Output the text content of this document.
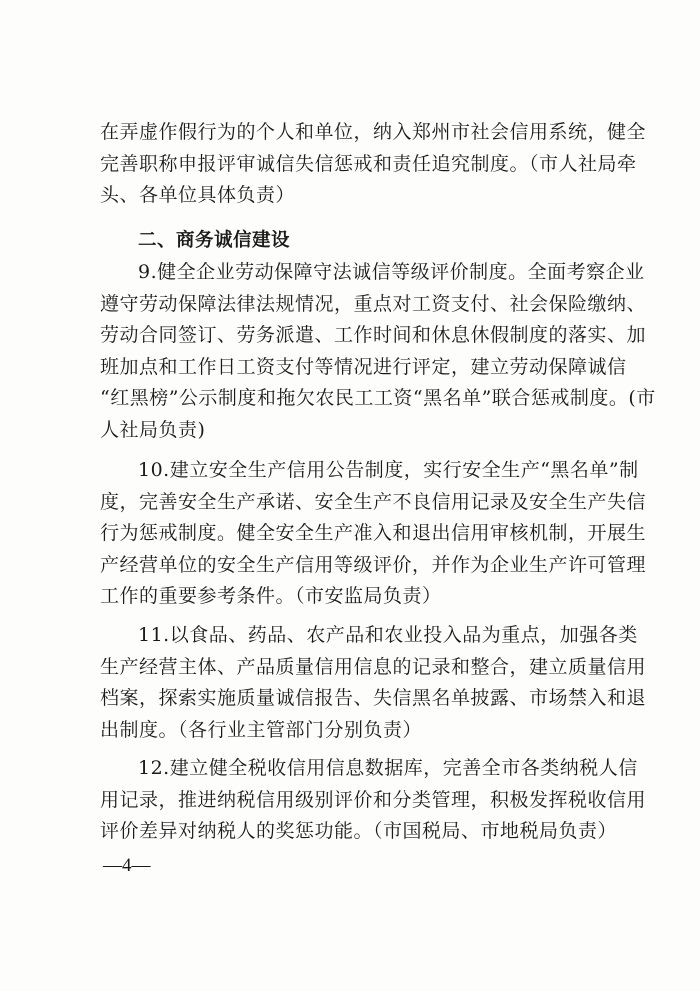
在弄虚作假行为的个人和单位，纳入郑州市社会信用系统，健全
完善职称申报评审诚信失信惩戒和责任追究制度。（市人社局牵
头、各单位具体负责）
二、商务诚信建设
9.健全企业劳动保障守法诚信等级评价制度。全面考察企业
遵守劳动保障法律法规情况，重点对工资支付、社会保险缴纳、
劳动合同签订、劳务派遣、工作时间和休息休假制度的落实、加
班加点和工作日工资支付等情况进行评定，建立劳动保障诚信
“红黑榜”公示制度和拖欠农民工工资“黑名单”联合惩戒制度。(市
人社局负责)
10.建立安全生产信用公告制度，实行安全生产“黑名单”制
度，完善安全生产承诺、安全生产不良信用记录及安全生产失信
行为惩戒制度。健全安全生产准入和退出信用审核机制，开展生
产经营单位的安全生产信用等级评价，并作为企业生产许可管理
工作的重要参考条件。（市安监局负责）
11.以食品、药品、农产品和农业投入品为重点，加强各类
生产经营主体、产品质量信用信息的记录和整合，建立质量信用
档案，探索实施质量诚信报告、失信黑名单披露、市场禁入和退
出制度。（各行业主管部门分别负责）
12.建立健全税收信用信息数据库，完善全市各类纳税人信
用记录，推进纳税信用级别评价和分类管理，积极发挥税收信用
评价差异对纳税人的奖惩功能。（市国税局、市地税局负责）
—4—
